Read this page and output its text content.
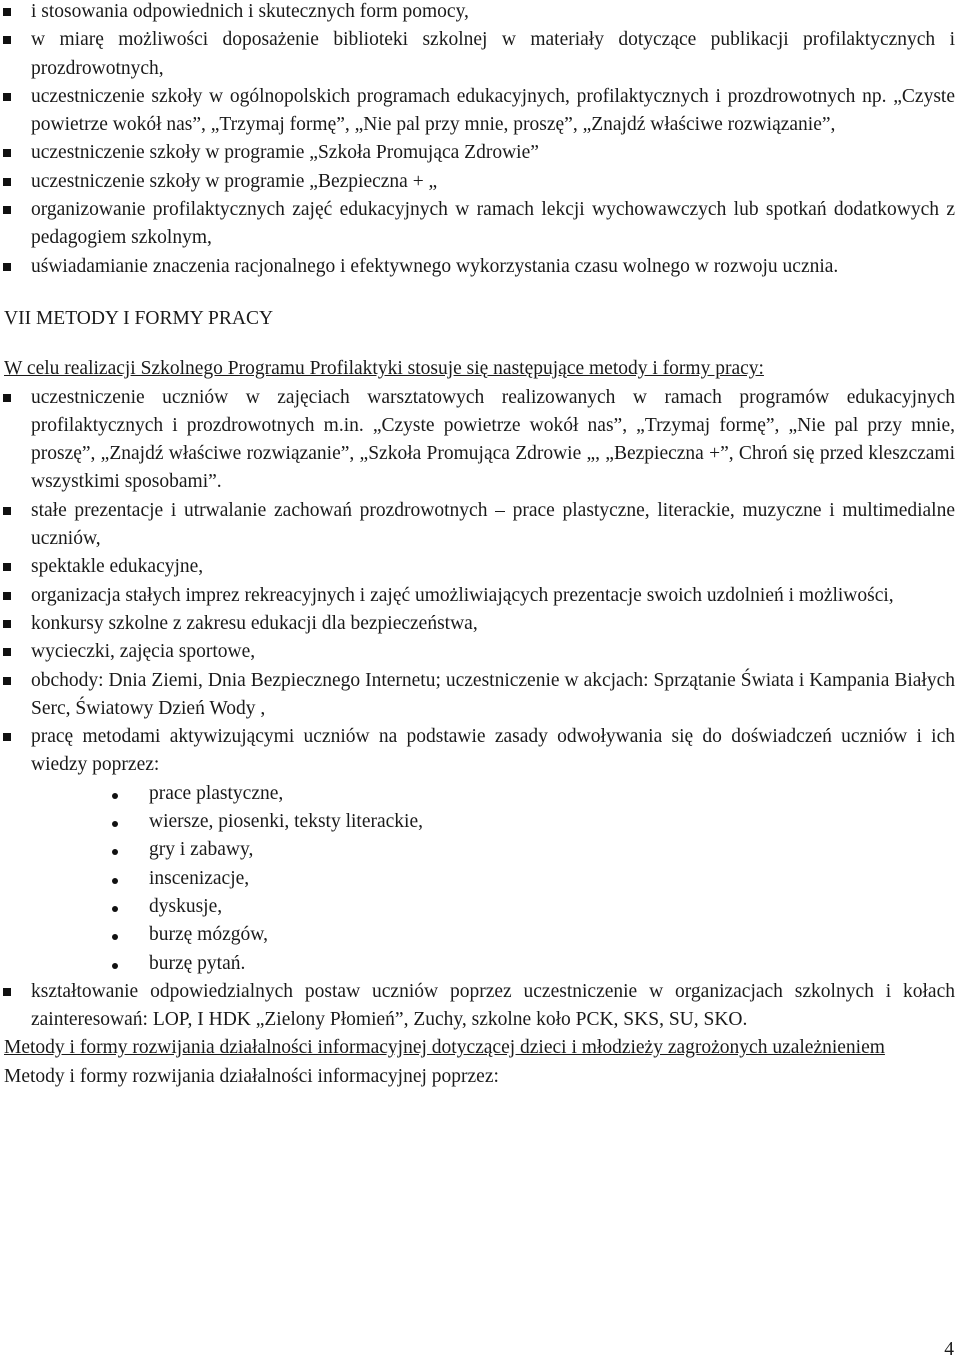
i stosowania odpowiednich i skutecznych form pomocy,
w miarę możliwości doposażenie biblioteki szkolnej w materiały dotyczące publikacji profilaktycznych i prozdrowotnych,
uczestniczenie szkoły w ogólnopolskich programach edukacyjnych, profilaktycznych i prozdrowotnych np. „Czyste powietrze wokół nas”, „Trzymaj formę”, „Nie pal przy mnie, proszę”, „Znajdź właściwe rozwiązanie”,
uczestniczenie szkoły w programie „Szkoła Promująca Zdrowie”
uczestniczenie szkoły w programie „Bezpieczna + „
organizowanie profilaktycznych zajęć edukacyjnych w ramach lekcji wychowawczych lub spotkań dodatkowych z pedagogiem szkolnym,
uświadamianie znaczenia racjonalnego i efektywnego wykorzystania czasu wolnego w rozwoju ucznia.
VII METODY I FORMY PRACY
W celu realizacji Szkolnego Programu Profilaktyki stosuje się następujące metody i formy pracy:
uczestniczenie uczniów w zajęciach warsztatowych realizowanych w ramach programów edukacyjnych profilaktycznych i prozdrowotnych m.in. „Czyste powietrze wokół nas”, „Trzymaj formę”, „Nie pal przy mnie, proszę”, „Znajdź właściwe rozwiązanie”, „Szkoła Promująca Zdrowie „, „Bezpieczna +”, Chroń się przed kleszczami wszystkimi sposobami”.
stałe prezentacje i utrwalanie zachowań prozdrowotnych – prace plastyczne, literackie, muzyczne i multimedialne uczniów,
spektakle edukacyjne,
organizacja stałych imprez rekreacyjnych i zajęć umożliwiających prezentacje swoich uzdolnień i możliwości,
konkursy szkolne z zakresu edukacji dla bezpieczeństwa,
wycieczki, zajęcia sportowe,
obchody: Dnia Ziemi, Dnia Bezpiecznego Internetu; uczestniczenie w akcjach: Sprzątanie Świata i Kampania Białych Serc, Światowy Dzień Wody ,
pracę metodami aktywizującymi uczniów na podstawie zasady odwoływania się do doświadczeń uczniów i ich wiedzy poprzez:
prace plastyczne,
wiersze, piosenki, teksty literackie,
gry i zabawy,
inscenizacje,
dyskusje,
burzę mózgów,
burzę pytań.
kształtowanie odpowiedzialnych postaw uczniów poprzez uczestniczenie w organizacjach szkolnych i kołach zainteresowań: LOP, I HDK „Zielony Płomień”, Zuchy, szkolne koło PCK, SKS, SU, SKO.
Metody i formy rozwijania działalności informacyjnej dotyczącej dzieci i młodzieży zagrożonych uzależnieniem
Metody i formy rozwijania działalności informacyjnej poprzez:
4
